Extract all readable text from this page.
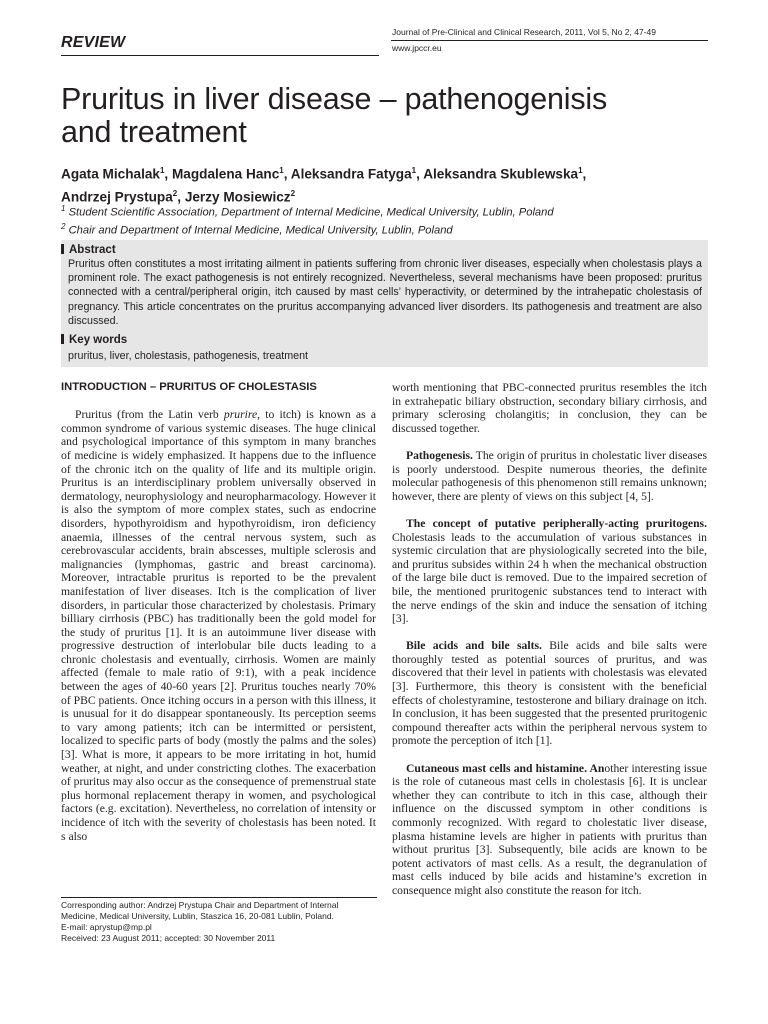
REVIEW
Journal of Pre-Clinical and Clinical Research, 2011, Vol 5, No 2, 47-49
www.jpccr.eu
Pruritus in liver disease – pathenogenisis
and treatment
Agata Michalak$^1$, Magdalena Hanc$^1$, Aleksandra Fatyga$^1$, Aleksandra Skublewska$^1$,
Andrzej Prystupa$^2$, Jerzy Mosiewicz$^2$
$^1$ Student Scientific Association, Department of Internal Medicine, Medical University, Lublin, Poland
$^2$ Chair and Department of Internal Medicine, Medical University, Lublin, Poland
Abstract
Pruritus often constitutes a most irritating ailment in patients suffering from chronic liver diseases, especially when cholestasis plays a prominent role. The exact pathogenesis is not entirely recognized. Nevertheless, several mechanisms have been proposed: pruritus connected with a central/peripheral origin, itch caused by mast cells’ hyperactivity, or determined by the intrahepatic cholestasis of pregnancy. This article concentrates on the pruritus accompanying advanced liver disorders. Its pathogenesis and treatment are also discussed.
Key words
pruritus, liver, cholestasis, pathogenesis, treatment
INTRODUCTION – PRURITUS OF CHOLESTASIS

Pruritus (from the Latin verb prurire, to itch) is known as a common syndrome of various systemic diseases. The huge clinical and psychological importance of this symptom in many branches of medicine is widely emphasized. It happens due to the influence of the chronic itch on the quality of life and its multiple origin. Pruritus is an interdisciplinary problem universally observed in dermatology, neurophysiology and neuropharmacology. However it is also the symptom of more complex states, such as endocrine disorders, hypothyroidism and hypothyroidism, iron deficiency anaemia, illnesses of the central nervous system, such as cerebrovascular accidents, brain abscesses, multiple sclerosis and malignancies (lymphomas, gastric and breast carcinoma). Moreover, intractable pruritus is reported to be the prevalent manifestation of liver diseases. Itch is the complication of liver disorders, in particular those characterized by cholestasis. Primary billiary cirrhosis (PBC) has traditionally been the gold model for the study of pruritus [1]. It is an autoimmune liver disease with progressive destruction of interlobular bile ducts leading to a chronic cholestasis and eventually, cirrhosis. Women are mainly affected (female to male ratio of 9:1), with a peak incidence between the ages of 40-60 years [2]. Pruritus touches nearly 70% of PBC patients. Once itching occurs in a person with this illness, it is unusual for it do disappear spontaneously. Its perception seems to vary among patients; itch can be intermitted or persistent, localized to specific parts of body (mostly the palms and the soles) [3]. What is more, it appears to be more irritating in hot, humid weather, at night, and under constricting clothes. The exacerbation of pruritus may also occur as the consequence of premenstrual state plus hormonal replacement therapy in women, and psychological factors (e.g. excitation). Nevertheless, no correlation of intensity or incidence of itch with the severity of cholestasis has been noted. It s also

Corresponding author: Andrzej Prystupa Chair and Department of Internal Medicine, Medical University, Lublin, Staszica 16, 20-081 Lublin, Poland.
E-mail: aprystup@mp.pl
Received: 23 August 2011; accepted: 30 November 2011

worth mentioning that PBC-connected pruritus resembles the itch in extrahepatic biliary obstruction, secondary biliary cirrhosis, and primary sclerosing cholangitis; in conclusion, they can be discussed together.

Pathogenesis. The origin of pruritus in cholestatic liver diseases is poorly understood. Despite numerous theories, the definite molecular pathogenesis of this phenomenon still remains unknown; however, there are plenty of views on this subject [4, 5].

The concept of putative peripherally-acting pruritogens. Cholestasis leads to the accumulation of various substances in systemic circulation that are physiologically secreted into the bile, and pruritus subsides within 24 h when the mechanical obstruction of the large bile duct is removed. Due to the impaired secretion of bile, the mentioned pruritogenic substances tend to interact with the nerve endings of the skin and induce the sensation of itching [3].

Bile acids and bile salts. Bile acids and bile salts were thoroughly tested as potential sources of pruritus, and was discovered that their level in patients with cholestasis was elevated [3]. Furthermore, this theory is consistent with the beneficial effects of cholestyramine, testosterone and biliary drainage on itch. In conclusion, it has been suggested that the presented pruritogenic compound thereafter acts within the peripheral nervous system to promote the perception of itch [1].

Cutaneous mast cells and histamine. Another interesting issue is the role of cutaneous mast cells in cholestasis [6]. It is unclear whether they can contribute to itch in this case, although their influence on the discussed symptom in other conditions is commonly recognized. With regard to cholestatic liver disease, plasma histamine levels are higher in patients with pruritus than without pruritus [3]. Subsequently, bile acids are known to be potent activators of mast cells. As a result, the degranulation of mast cells induced by bile acids and histamine’s excretion in consequence might also constitute the reason for itch.
